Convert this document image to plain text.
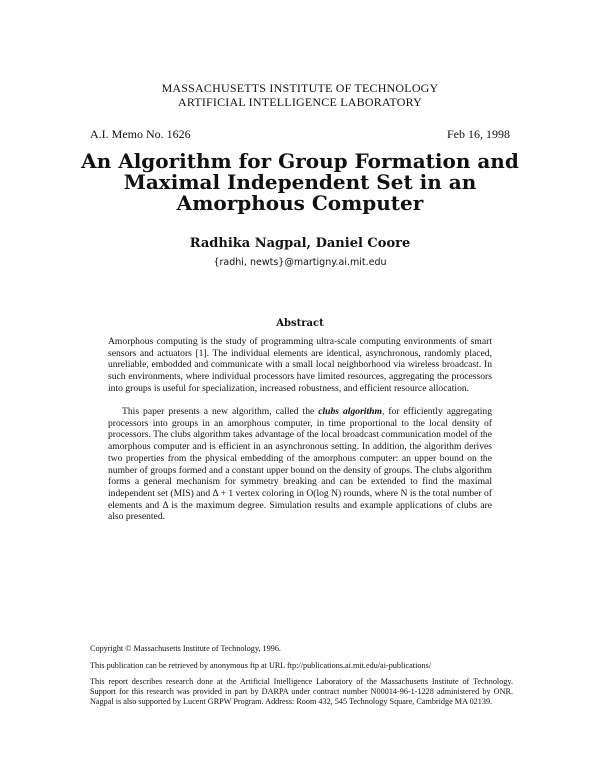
MASSACHUSETTS INSTITUTE OF TECHNOLOGY
ARTIFICIAL INTELLIGENCE LABORATORY
A.I. Memo No. 1626	Feb 16, 1998
An Algorithm for Group Formation and
Maximal Independent Set in an
Amorphous Computer
Radhika Nagpal, Daniel Coore
{radhi, newts}@martigny.ai.mit.edu
Abstract

Amorphous computing is the study of programming ultra-scale computing environments of smart sensors and actuators [1]. The individual elements are identical, asynchronous, randomly placed, unreliable, embodded and communicate with a small local neighborhood via wireless broadcast. In such environments, where individual processors have limited resources, aggregating the processors into groups is useful for specialization, increased robustness, and efficient resource allocation.

This paper presents a new algorithm, called the clubs algorithm, for efficiently aggregating processors into groups in an amorphous computer, in time proportional to the local density of processors. The clubs algorithm takes advantage of the local broadcast communication model of the amorphous computer and is efficient in an asynchronous setting. In addition, the algorithm derives two properties from the physical embedding of the amorphous computer: an upper bound on the number of groups formed and a constant upper bound on the density of groups. The clubs algorithm forms a general mechanism for symmetry breaking and can be extended to find the maximal independent set (MIS) and Δ + 1 vertex coloring in O(log N) rounds, where N is the total number of elements and Δ is the maximum degree. Simulation results and example applications of clubs are also presented.

Copyright © Massachusetts Institute of Technology, 1996.

This publication can be retrieved by anonymous ftp at URL ftp://publications.ai.mit.edu/ai-publications/

This report describes research done at the Artificial Intelligence Laboratory of the Massachusetts Institute of Technology. Support for this research was provided in part by DARPA under contract number N00014-96-1-1228 administered by ONR. Nagpal is also supported by Lucent GRPW Program. Address: Room 432, 545 Technology Square, Cambridge MA 02139.
